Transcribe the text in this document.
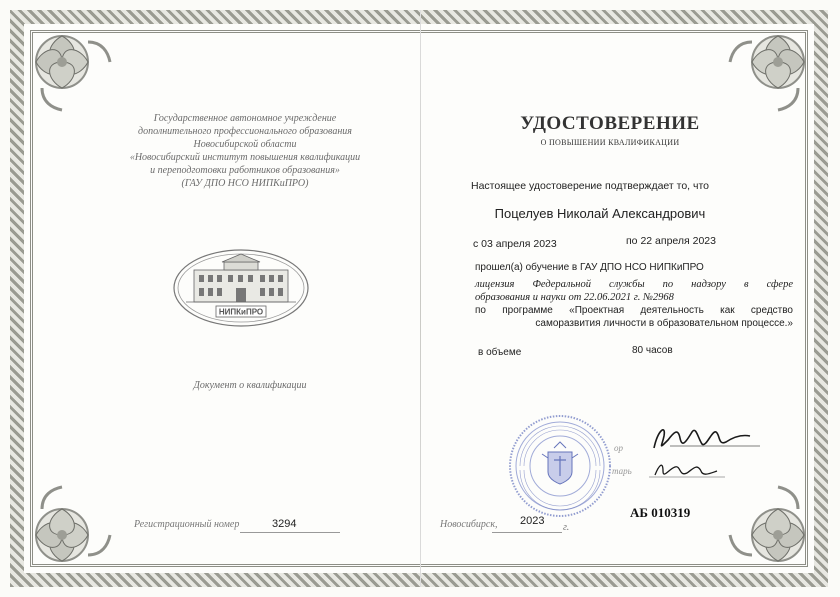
Государственное автономное учреждение
дополнительного профессионального образования
Новосибирской области
«Новосибирский институт повышения квалификации
и переподготовки работников образования»
(ГАУ ДПО НСО НИПКиПРО)
НИПКиПРО
Документ о квалификации
Регистрационный номер	3294
УДОСТОВЕРЕНИЕ
О ПОВЫШЕНИИ КВАЛИФИКАЦИИ
Настоящее удостоверение подтверждает то, что
Поцелуев Николай Александрович
с 03 апреля 2023	по 22 апреля 2023
прошел(а) обучение в ГАУ ДПО НСО НИПКиПРО
лицензия Федеральной службы по надзору в сфере
образования и науки от 22.06.2021 г. №2968
по программе «Проектная деятельность как средство
саморазвития личности в образовательном процессе.»
в объеме	80 часов
ор
тарь
АБ 010319
Новосибирск, 2023
г.
